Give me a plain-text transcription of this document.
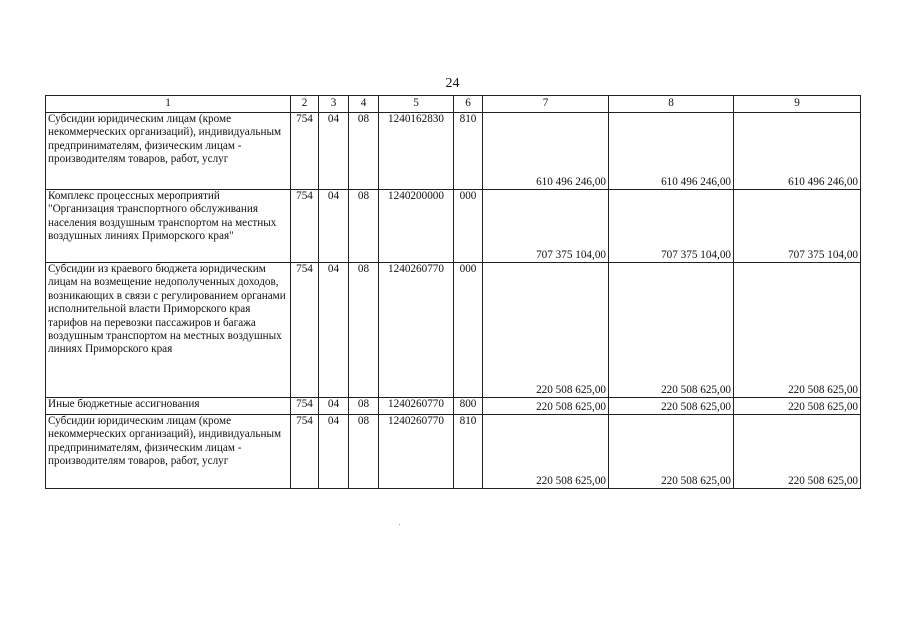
24
1	2	3	4	5	6	7	8	9
Субсидии юридическим лицам (кроме некоммерческих организаций), индивидуальным предпринимателям, физическим лицам - производителям товаров, работ, услуг	754	04	08	1240162830	810	610 496 246,00	610 496 246,00	610 496 246,00
Комплекс процессных мероприятий "Организация транспортного обслуживания населения воздушным транспортом на местных воздушных линиях Приморского края"	754	04	08	1240200000	000	707 375 104,00	707 375 104,00	707 375 104,00
Субсидии из краевого бюджета юридическим лицам на возмещение недополученных доходов, возникающих в связи с регулированием органами исполнительной власти Приморского края тарифов на перевозки пассажиров и багажа воздушным транспортом на местных воздушных линиях Приморского края	754	04	08	1240260770	000	220 508 625,00	220 508 625,00	220 508 625,00
Иные бюджетные ассигнования	754	04	08	1240260770	800	220 508 625,00	220 508 625,00	220 508 625,00
Субсидии юридическим лицам (кроме некоммерческих организаций), индивидуальным предпринимателям, физическим лицам - производителям товаров, работ, услуг	754	04	08	1240260770	810	220 508 625,00	220 508 625,00	220 508 625,00
